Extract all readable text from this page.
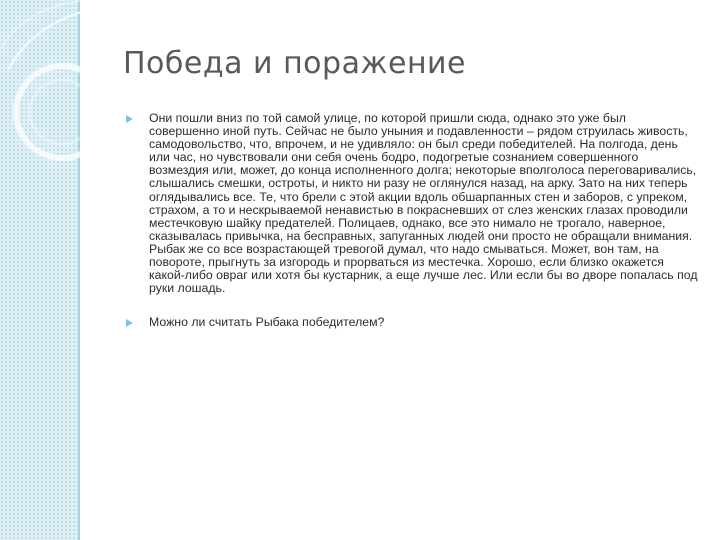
Победа и поражение
Они пошли вниз по той самой улице, по которой пришли сюда, однако это уже был совершенно иной путь. Сейчас не было уныния и подавленности – рядом струилась живость, самодовольство, что, впрочем, и не удивляло: он был среди победителей. На полгода, день или час, но чувствовали они себя очень бодро, подогретые сознанием совершенного возмездия или, может, до конца исполненного долга; некоторые вполголоса переговаривались, слышались смешки, остроты, и никто ни разу не оглянулся назад, на арку. Зато на них теперь оглядывались все. Те, что брели с этой акции вдоль обшарпанных стен и заборов, с упреком, страхом, а то и нескрываемой ненавистью в покрасневших от слез женских глазах проводили местечковую шайку предателей. Полицаев, однако, все это нимало не трогало, наверное, сказывалась привычка, на бесправных, запуганных людей они просто не обращали внимания. Рыбак же со все возрастающей тревогой думал, что надо смываться. Может, вон там, на повороте, прыгнуть за изгородь и прорваться из местечка. Хорошо, если близко окажется какой-либо овраг или хотя бы кустарник, а еще лучше лес. Или если бы во дворе попалась под руки лошадь.
Можно ли считать Рыбака победителем?
